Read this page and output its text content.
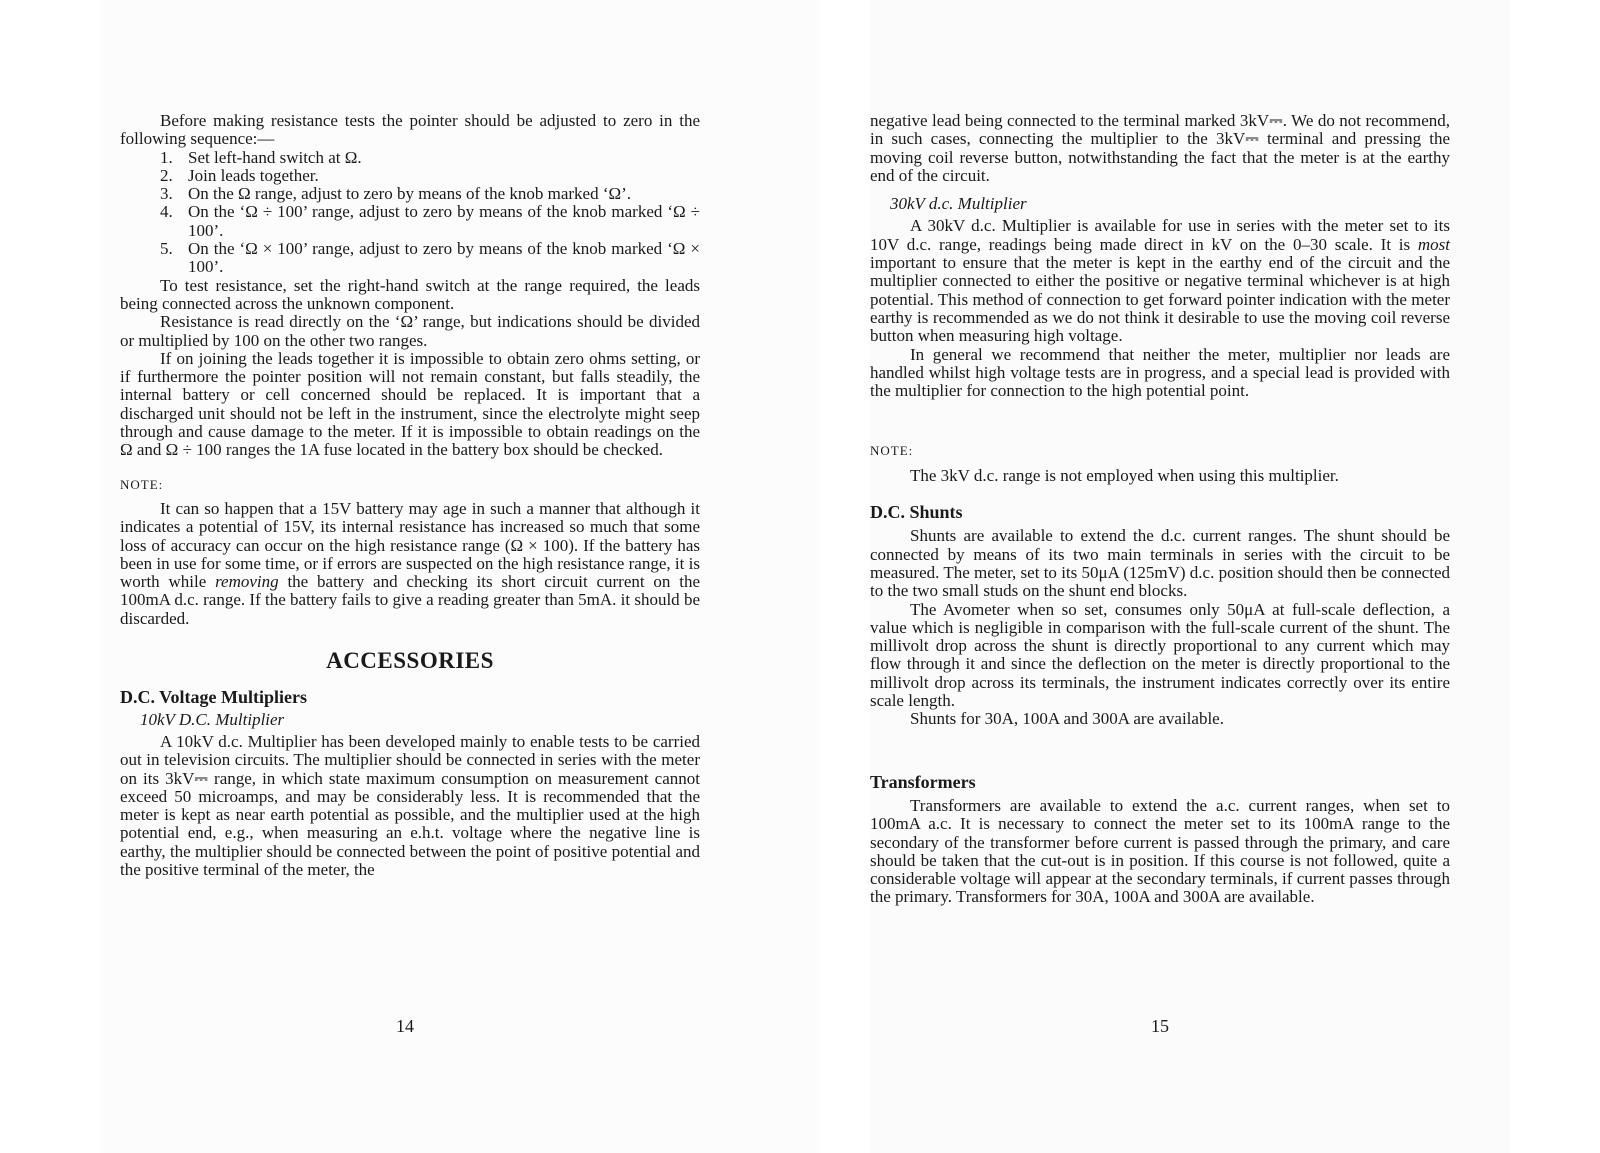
Before making resistance tests the pointer should be adjusted to zero in the following sequence:—

1. Set left-hand switch at Ω.
2. Join leads together.
3. On the Ω range, adjust to zero by means of the knob marked ‘Ω’.
4. On the ‘Ω ÷ 100’ range, adjust to zero by means of the knob marked ‘Ω ÷ 100’.
5. On the ‘Ω × 100’ range, adjust to zero by means of the knob marked ‘Ω × 100’.

To test resistance, set the right-hand switch at the range required, the leads being connected across the unknown component.

Resistance is read directly on the ‘Ω’ range, but indications should be divided or multiplied by 100 on the other two ranges.

If on joining the leads together it is impossible to obtain zero ohms setting, or if furthermore the pointer position will not remain constant, but falls steadily, the internal battery or cell concerned should be replaced. It is important that a discharged unit should not be left in the instrument, since the electrolyte might seep through and cause damage to the meter. If it is impossible to obtain readings on the Ω and Ω ÷ 100 ranges the 1A fuse located in the battery box should be checked.

NOTE:

It can so happen that a 15V battery may age in such a manner that although it indicates a potential of 15V, its internal resistance has increased so much that some loss of accuracy can occur on the high resistance range (Ω × 100). If the battery has been in use for some time, or if errors are suspected on the high resistance range, it is worth while removing the battery and checking its short circuit current on the 100mA d.c. range. If the battery fails to give a reading greater than 5mA. it should be discarded.

ACCESSORIES
D.C. Voltage Multipliers
10kV D.C. Multiplier

A 10kV d.c. Multiplier has been developed mainly to enable tests to be carried out in television circuits. The multiplier should be connected in series with the meter on its 3kV⎓ range, in which state maximum consumption on measurement cannot exceed 50 microamps, and may be considerably less. It is recommended that the meter is kept as near earth potential as possible, and the multiplier used at the high potential end, e.g., when measuring an e.h.t. voltage where the negative line is earthy, the multiplier should be connected between the point of positive potential and the positive terminal of the meter, the

14

negative lead being connected to the terminal marked 3kV⎓. We do not recommend, in such cases, connecting the multiplier to the 3kV⎓ terminal and pressing the moving coil reverse button, notwithstanding the fact that the meter is at the earthy end of the circuit.

30kV d.c. Multiplier

A 30kV d.c. Multiplier is available for use in series with the meter set to its 10V d.c. range, readings being made direct in kV on the 0–30 scale. It is most important to ensure that the meter is kept in the earthy end of the circuit and the multiplier connected to either the positive or negative terminal whichever is at high potential. This method of connection to get forward pointer indication with the meter earthy is recommended as we do not think it desirable to use the moving coil reverse button when measuring high voltage.

In general we recommend that neither the meter, multiplier nor leads are handled whilst high voltage tests are in progress, and a special lead is provided with the multiplier for connection to the high potential point.

NOTE:

The 3kV d.c. range is not employed when using this multiplier.

D.C. Shunts

Shunts are available to extend the d.c. current ranges. The shunt should be connected by means of its two main terminals in series with the circuit to be measured. The meter, set to its 50μA (125mV) d.c. position should then be connected to the two small studs on the shunt end blocks.

The Avometer when so set, consumes only 50μA at full-scale deflection, a value which is negligible in comparison with the full-scale current of the shunt. The millivolt drop across the shunt is directly proportional to any current which may flow through it and since the deflection on the meter is directly proportional to the millivolt drop across its terminals, the instrument indicates correctly over its entire scale length.

Shunts for 30A, 100A and 300A are available.

Transformers

Transformers are available to extend the a.c. current ranges, when set to 100mA a.c. It is necessary to connect the meter set to its 100mA range to the secondary of the transformer before current is passed through the primary, and care should be taken that the cut-out is in position. If this course is not followed, quite a considerable voltage will appear at the secondary terminals, if current passes through the primary. Transformers for 30A, 100A and 300A are available.

15
